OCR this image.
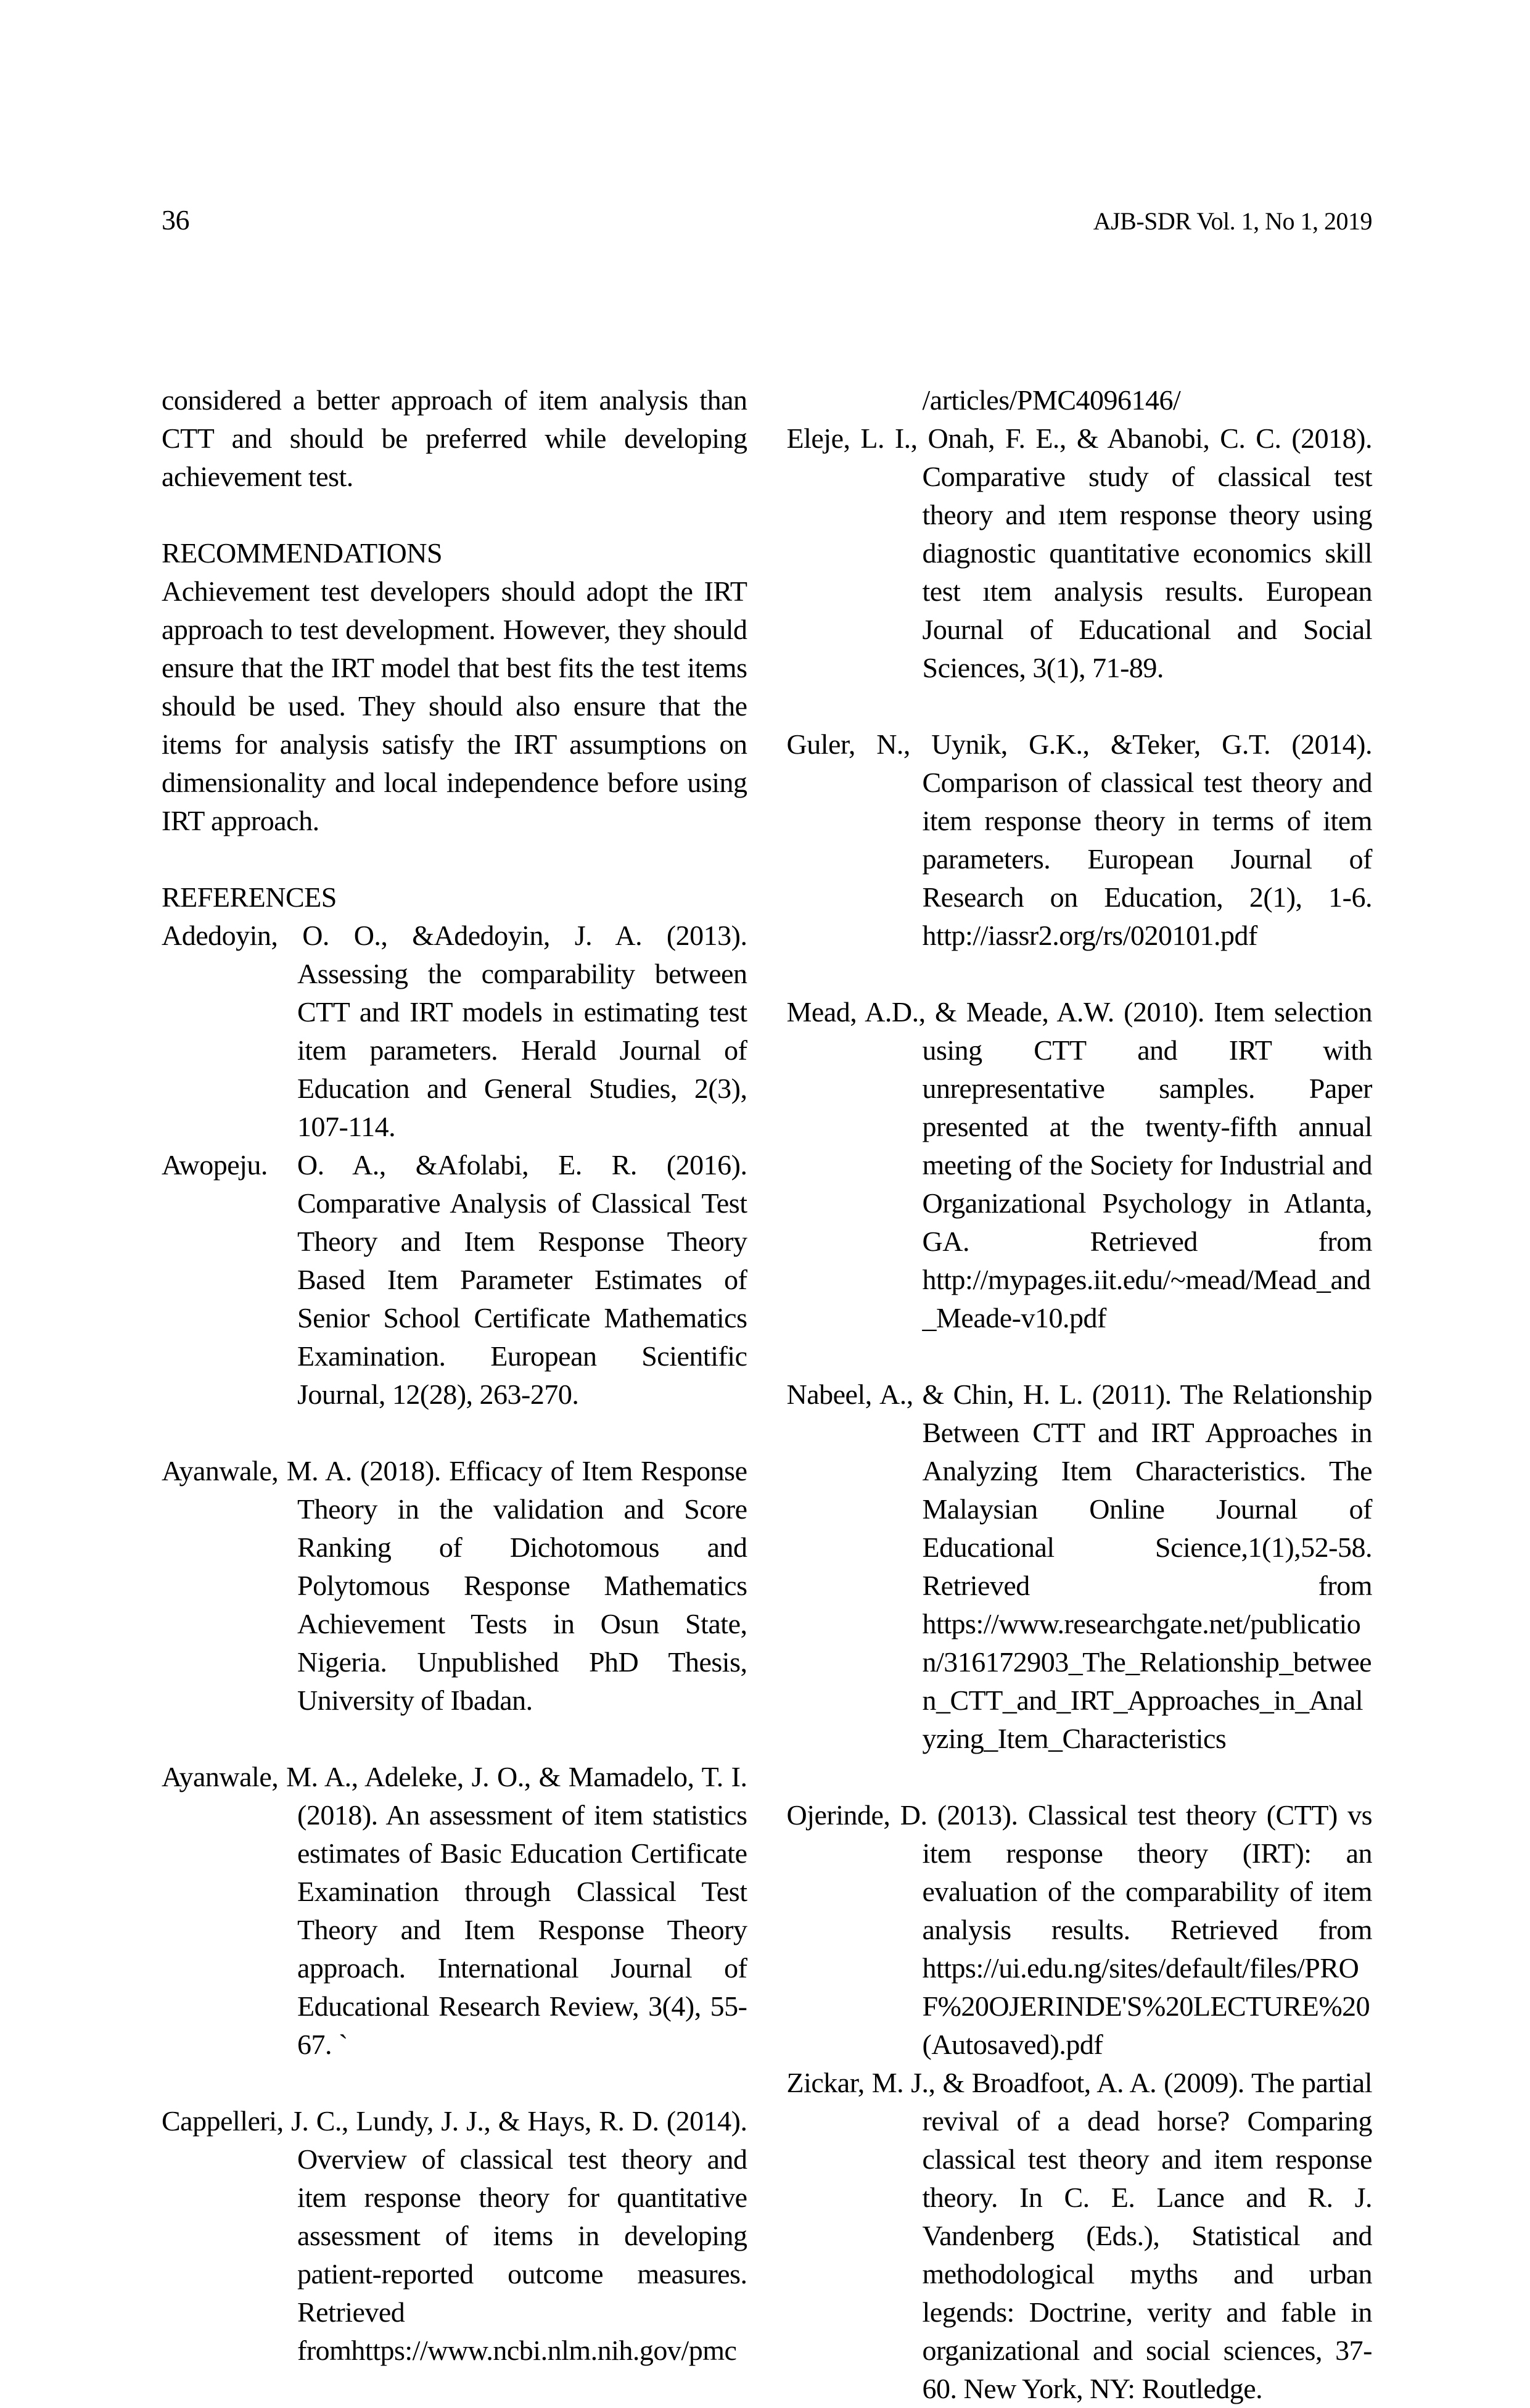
36	AJB-SDR Vol. 1, No 1, 2019

considered a better approach of item analysis than CTT and should be preferred while developing achievement test.

RECOMMENDATIONS

Achievement test developers should adopt the IRT approach to test development. However, they should ensure that the IRT model that best fits the test items should be used. They should also ensure that the items for analysis satisfy the IRT assumptions on dimensionality and local independence before using IRT approach.

REFERENCES

Adedoyin, O. O., &Adedoyin, J. A. (2013). Assessing the comparability between CTT and IRT models in estimating test item parameters. Herald Journal of Education and General Studies, 2(3), 107-114.

Awopeju. O. A., &Afolabi, E. R. (2016). Comparative Analysis of Classical Test Theory and Item Response Theory Based Item Parameter Estimates of Senior School Certificate Mathematics Examination. European Scientific Journal, 12(28), 263-270.

Ayanwale, M. A. (2018). Efficacy of Item Response Theory in the validation and Score Ranking of Dichotomous and Polytomous Response Mathematics Achievement Tests in Osun State, Nigeria. Unpublished PhD Thesis, University of Ibadan.

Ayanwale, M. A., Adeleke, J. O., & Mamadelo, T. I. (2018). An assessment of item statistics estimates of Basic Education Certificate Examination through Classical Test Theory and Item Response Theory approach. International Journal of Educational Research Review, 3(4), 55-67. `

Cappelleri, J. C., Lundy, J. J., & Hays, R. D. (2014). Overview of classical test theory and item response theory for quantitative assessment of items in developing patient-reported outcome measures. Retrieved fromhttps://www.ncbi.nlm.nih.gov/pmc

/articles/PMC4096146/

Eleje, L. I., Onah, F. E., & Abanobi, C. C. (2018). Comparative study of classical test theory and ıtem response theory using diagnostic quantitative economics skill test ıtem analysis results. European Journal of Educational and Social Sciences, 3(1), 71-89.

Guler, N., Uynik, G.K., &Teker, G.T. (2014). Comparison of classical test theory and item response theory in terms of item parameters. European Journal of Research on Education, 2(1), 1-6. http://iassr2.org/rs/020101.pdf

Mead, A.D., & Meade, A.W. (2010). Item selection using CTT and IRT with unrepresentative samples. Paper presented at the twenty-fifth annual meeting of the Society for Industrial and Organizational Psychology in Atlanta, GA. Retrieved from http://mypages.iit.edu/~mead/Mead_and_Meade-v10.pdf

Nabeel, A., & Chin, H. L. (2011). The Relationship Between CTT and IRT Approaches in Analyzing Item Characteristics. The Malaysian Online Journal of Educational Science,1(1),52-58. Retrieved from https://www.researchgate.net/publication/316172903_The_Relationship_between_CTT_and_IRT_Approaches_in_Analyzing_Item_Characteristics

Ojerinde, D. (2013). Classical test theory (CTT) vs item response theory (IRT): an evaluation of the comparability of item analysis results. Retrieved from https://ui.edu.ng/sites/default/files/PROF%20OJERINDE'S%20LECTURE%20(Autosaved).pdf

Zickar, M. J., & Broadfoot, A. A. (2009). The partial revival of a dead horse? Comparing classical test theory and item response theory. In C. E. Lance and R. J. Vandenberg (Eds.), Statistical and methodological myths and urban legends: Doctrine, verity and fable in organizational and social sciences, 37-60. New York, NY: Routledge.
